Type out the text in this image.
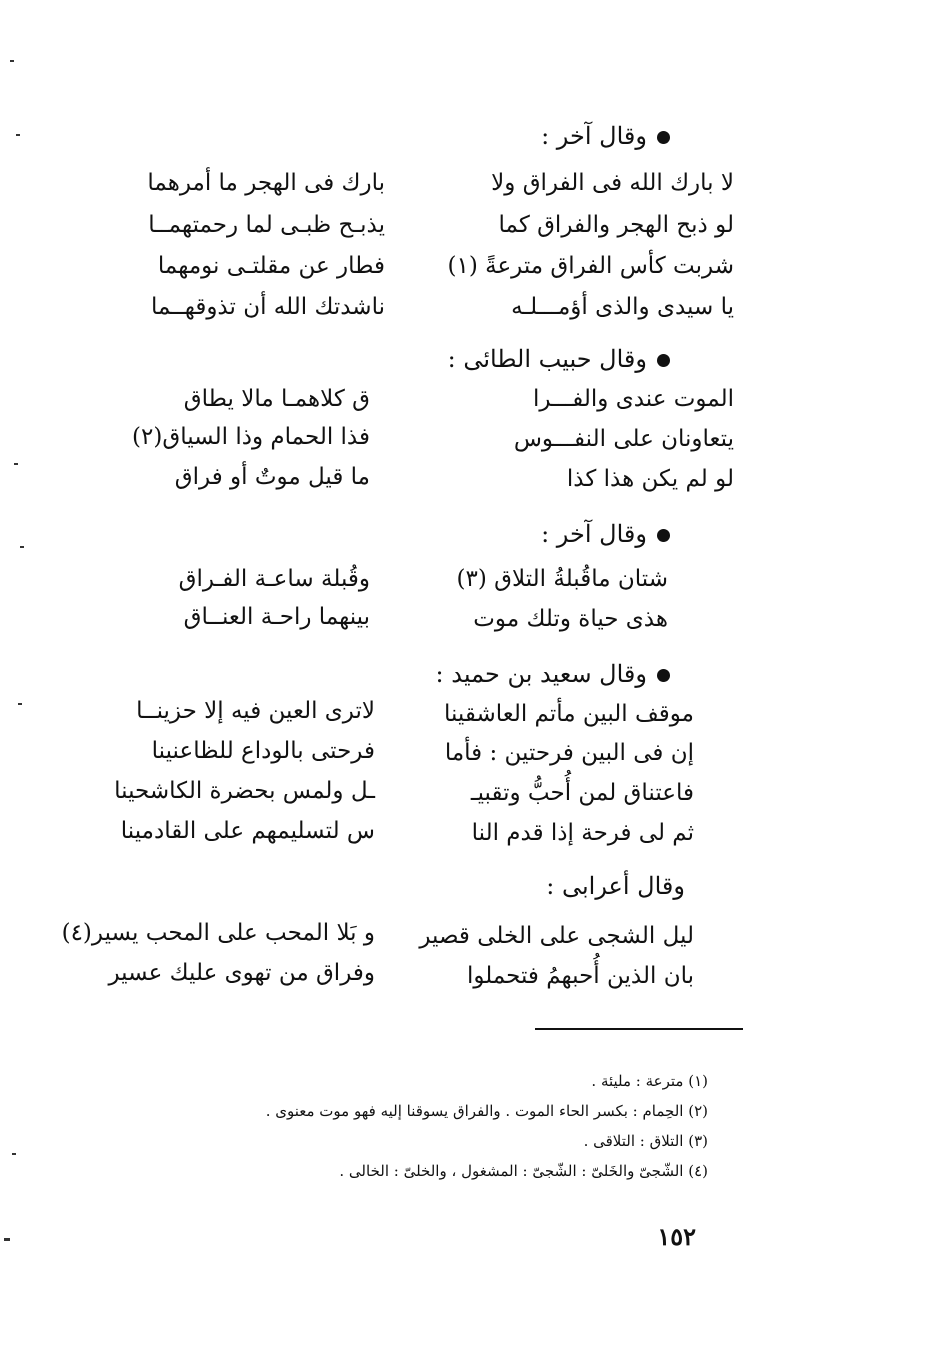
وقال آخر :
لا بارك الله فى الفراق ولا
بارك فى الهجر ما أمرهما
لو ذبح الهجر والفراق كما
يذبـح ظبـى لما رحمتهمــا
شربت كأس الفراق مترعةً (١)
فطار عن مقلتـى نومهما
يا سيدى والذى أؤمـــلـه
ناشدتك الله أن تذوقهــما
وقال حبيب الطائى :
الموت عندى والفـــرا
ق كلاهمـا مالا يطاق
يتعاونان على النفـــوس
فذا الحمام وذا السياق(٢)
لو لم يكن هذا كذا
ما قيل موتٌ أو فراق
وقال آخر :
شتان ماقُبلةُ التلاق (٣)
وقُبلة ساعـة الفـراق
هذى حياة وتلك موت
بينهما راحـة العنــاق
وقال سعيد بن حميد :
موقف البين مأتم العاشقينا
لاترى العين فيه إلا حزينــا
إن فى البين فرحتين : فأما
فرحتى بالوداع للظاعنينا
فاعتناق لمن أُحبُّ وتقبيـ
ـل ولمس بحضرة الكاشحينا
ثم لى فرحة إذا قدم النا
س لتسليمهم على القادمينا
وقال أعرابى :
ليل الشجى على الخلى قصير
و بَلا المحب على المحب يسير(٤)
بان الذين أُحبهمُ فتحملوا
وفراق من تهوى عليك عسير
(١) مترعة : مليئة .
(٢) الحِمام : بكسر الحاء الموت . والفراق يسوقنا إليه فهو موت معنوى .
(٣) التلاق : التلاقى .
(٤) الشّجىّ والخَلىّ : الشّجىّ : المشغول ، والخلىّ : الخالى .
١٥٢
